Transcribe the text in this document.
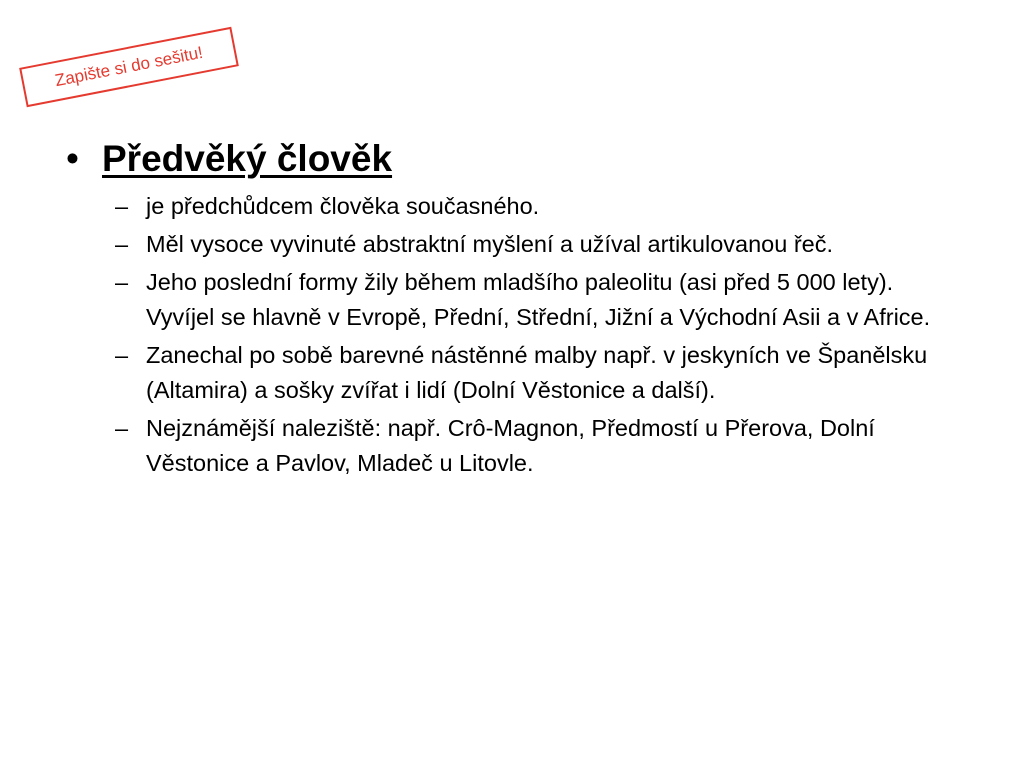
Zapište si do sešitu!
• Předvěký člověk
– je předchůdcem člověka současného.
– Měl vysoce vyvinuté abstraktní myšlení a užíval artikulovanou řeč.
– Jeho poslední formy žily během mladšího paleolitu (asi před 5 000 lety). Vyvíjel se hlavně v Evropě, Přední, Střední, Jižní a Východní Asii a v Africe.
– Zanechal po sobě barevné nástěnné malby např. v jeskyních ve Španělsku (Altamira) a sošky zvířat i lidí (Dolní Věstonice a další).
– Nejznámější naleziště: např. Crô-Magnon, Předmostí u Přerova, Dolní Věstonice a Pavlov, Mladeč u Litovle.
